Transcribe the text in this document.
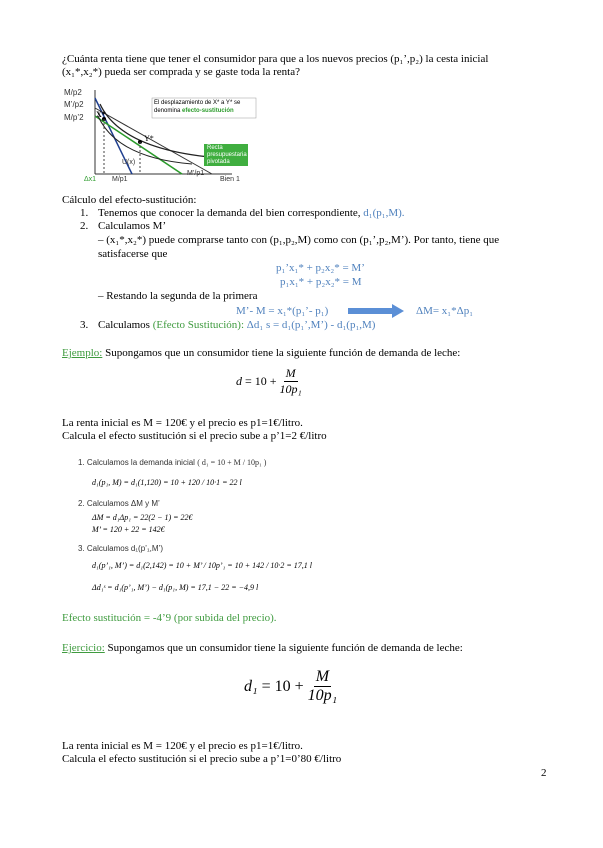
¿Cuánta renta tiene que tener el consumidor para que a los nuevos precios (p₁’,p₂) la cesta inicial
(x₁*,x₂*) pueda ser comprada y se gaste toda la renta?
M/p2
M’/p2
M/p’2 X*
Y*
El desplazamiento de X* a Y* se
denomina efecto-sustitución
Recta
presupuestaria
pivotada
U(x)
Δx1 M/p1
M’/p1
Bien 1
Cálculo del efecto-sustitución:
1. Tenemos que conocer la demanda del bien correspondiente, d₁(p₁,M).
2. Calculamos M’
– (x₁*,x₂*) puede comprarse tanto con (p₁,p₂,M) como con (p₁’,p₂,M’). Por tanto, tiene que
satisfacerse que
p₁’x₁* + p₂x₂* = M’
p₁x₁* + p₂x₂* = M
– Restando la segunda de la primera
M’- M = x₁*(p₁’- p₁)	ΔM= x₁*Δp₁
3. Calculamos (Efecto Sustitución): Δd₁ s = d₁(p₁’,M’) - d₁(p₁,M)
Ejemplo: Supongamos que un consumidor tiene la siguiente función de demanda de leche:
$d = 10 + \frac{M}{\text{10p₁}}$
La renta inicial es M = 120€ y el precio es p1=1€/litro.
Calcula el efecto sustitución si el precio sube a p’1=2 €/litro
1. Calculamos la demanda inicial ( d₁ = 10 + M / 10p₁ )
d₁(p₁, M) = d₁(1,120) = 10 + 120 / 10·1 = 22 l
2. Calculamos ΔM y M’
ΔM = d₁Δp₁ = 22(2 − 1) = 22€
M’ = 120 + 22 = 142€
3. Calculamos d₁(p’₁,M’)
d₁(p’₁, M’) = d₁(2,142) = 10 + M’ / 10p’₁ = 10 + 142 / 10·2 = 17,1 l
Δd₁ˢ = d₁(p’₁, M’) − d₁(p₁, M) = 17,1 − 22 = −4,9 l
Efecto sustitución = -4’9 (por subida del precio).
Ejercicio: Supongamos que un consumidor tiene la siguiente función de demanda de leche:
$d_1 = 10 + \frac{M}{\text{10p₁}}$
La renta inicial es M = 120€ y el precio es p1=1€/litro.
Calcula el efecto sustitución si el precio sube a p’1=0’80 €/litro
2
